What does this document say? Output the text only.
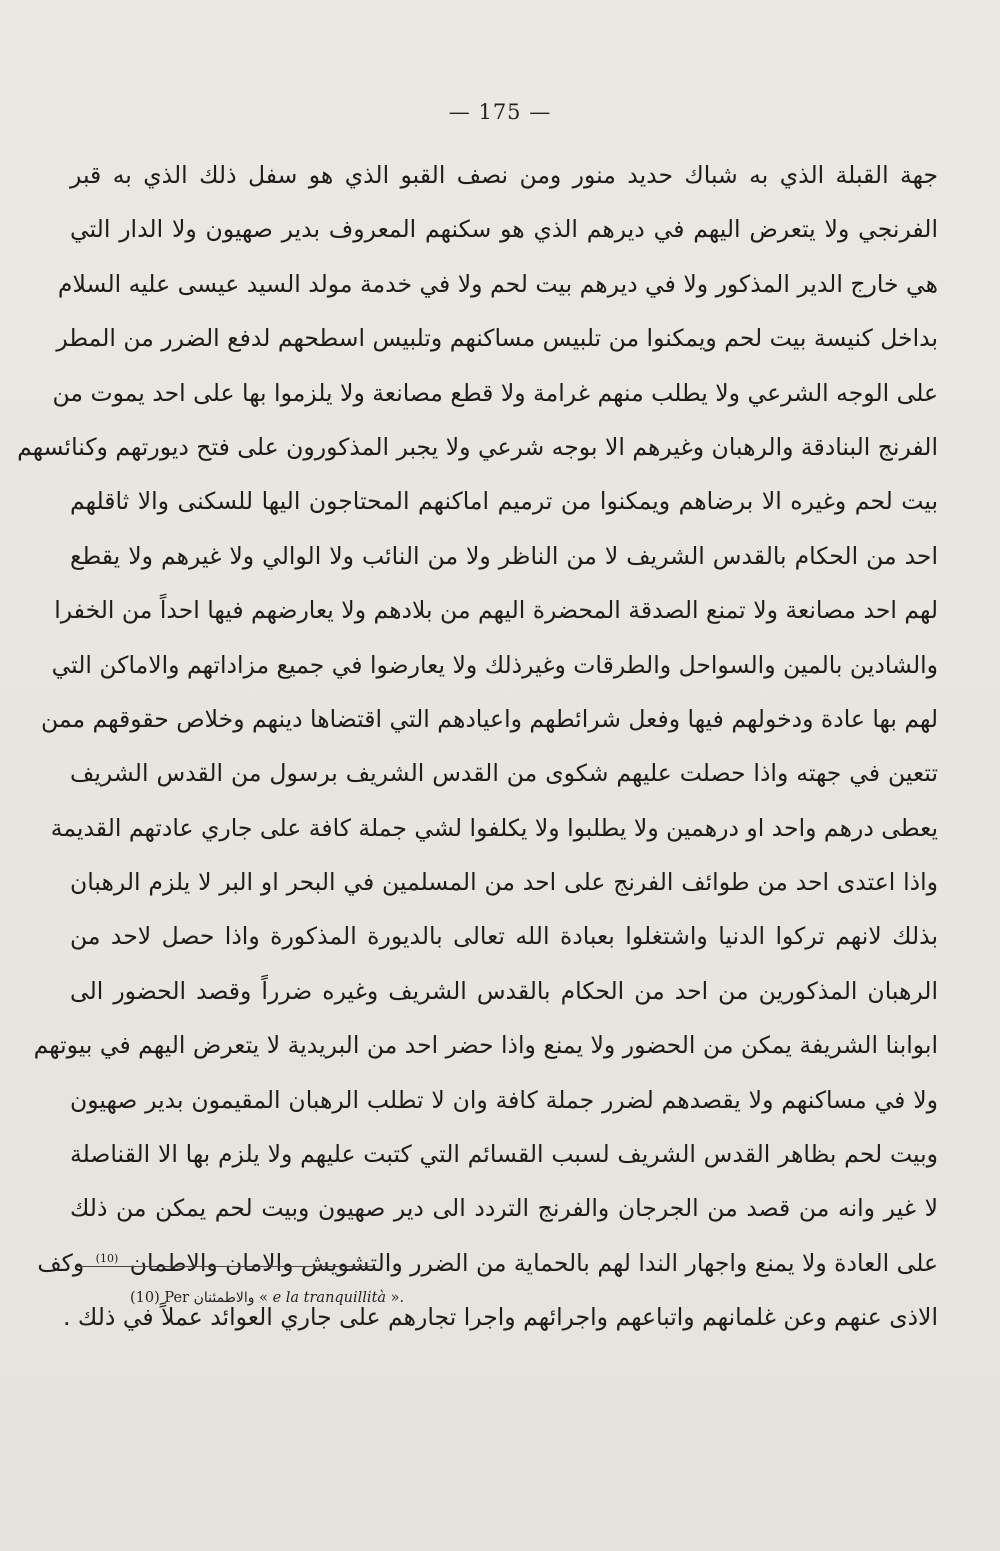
— 175 —
جهة القبلة الذي به شباك حديد منور ومن نصف القبو الذي هو سفل ذلك الذي به قبر
الفرنجي ولا يتعرض اليهم في ديرهم الذي هو سكنهم المعروف بدير صهيون ولا الدار التي
هي خارج الدير المذكور ولا في ديرهم بيت لحم ولا في خدمة مولد السيد عيسى عليه السلام
بداخل كنيسة بيت لحم ويمكنوا من تلبيس مساكنهم وتلبيس اسطحهم لدفع الضرر من المطر
على الوجه الشرعي ولا يطلب منهم غرامة ولا قطع مصانعة ولا يلزموا بها على احد يموت من
الفرنج البنادقة والرهبان وغيرهم الا بوجه شرعي ولا يجبر المذكورون على فتح ديورتهم وكنائسهم
بيت لحم وغيره الا برضاهم ويمكنوا من ترميم اماكنهم المحتاجون اليها للسكنى والا ثاقلهم
احد من الحكام بالقدس الشريف لا من الناظر ولا من النائب ولا الوالي ولا غيرهم ولا يقطع
لهم احد مصانعة ولا تمنع الصدقة المحضرة اليهم من بلادهم ولا يعارضهم فيها احداً من الخفرا
والشادين بالمين والسواحل والطرقات وغيرذلك ولا يعارضوا في جميع مزاداتهم والاماكن التي
لهم بها عادة ودخولهم فيها وفعل شرائطهم واعيادهم التي اقتضاها دينهم وخلاص حقوقهم ممن
تتعين في جهته واذا حصلت عليهم شكوى من القدس الشريف برسول من القدس الشريف
يعطى درهم واحد او درهمين ولا يطلبوا ولا يكلفوا لشي جملة كافة على جاري عادتهم القديمة
واذا اعتدى احد من طوائف الفرنج على احد من المسلمين في البحر او البر لا يلزم الرهبان
بذلك لانهم تركوا الدنيا واشتغلوا بعبادة الله تعالى بالديورة المذكورة واذا حصل لاحد من
الرهبان المذكورين من احد من الحكام بالقدس الشريف وغيره ضرراً وقصد الحضور الى
ابوابنا الشريفة يمكن من الحضور ولا يمنع واذا حضر احد من البريدية لا يتعرض اليهم في بيوتهم
ولا في مساكنهم ولا يقصدهم لضرر جملة كافة وان لا تطلب الرهبان المقيمون بدير صهيون
وبيت لحم بظاهر القدس الشريف لسبب القسائم التي كتبت عليهم ولا يلزم بها الا القناصلة
لا غير وانه من قصد من الجرجان والفرنج التردد الى دير صهيون وبيت لحم يمكن من ذلك
على العادة ولا يمنع واجهار الندا لهم بالحماية من الضرر والتشويش والامان والاطمان $^{(10)}$ وكف
الاذى عنهم وعن غلمانهم واتباعهم واجرائهم واجرا تجارهم على جاري العوائد عملاً في ذلك .
(10) Per والاطمئنان « e la tranquillità ».
